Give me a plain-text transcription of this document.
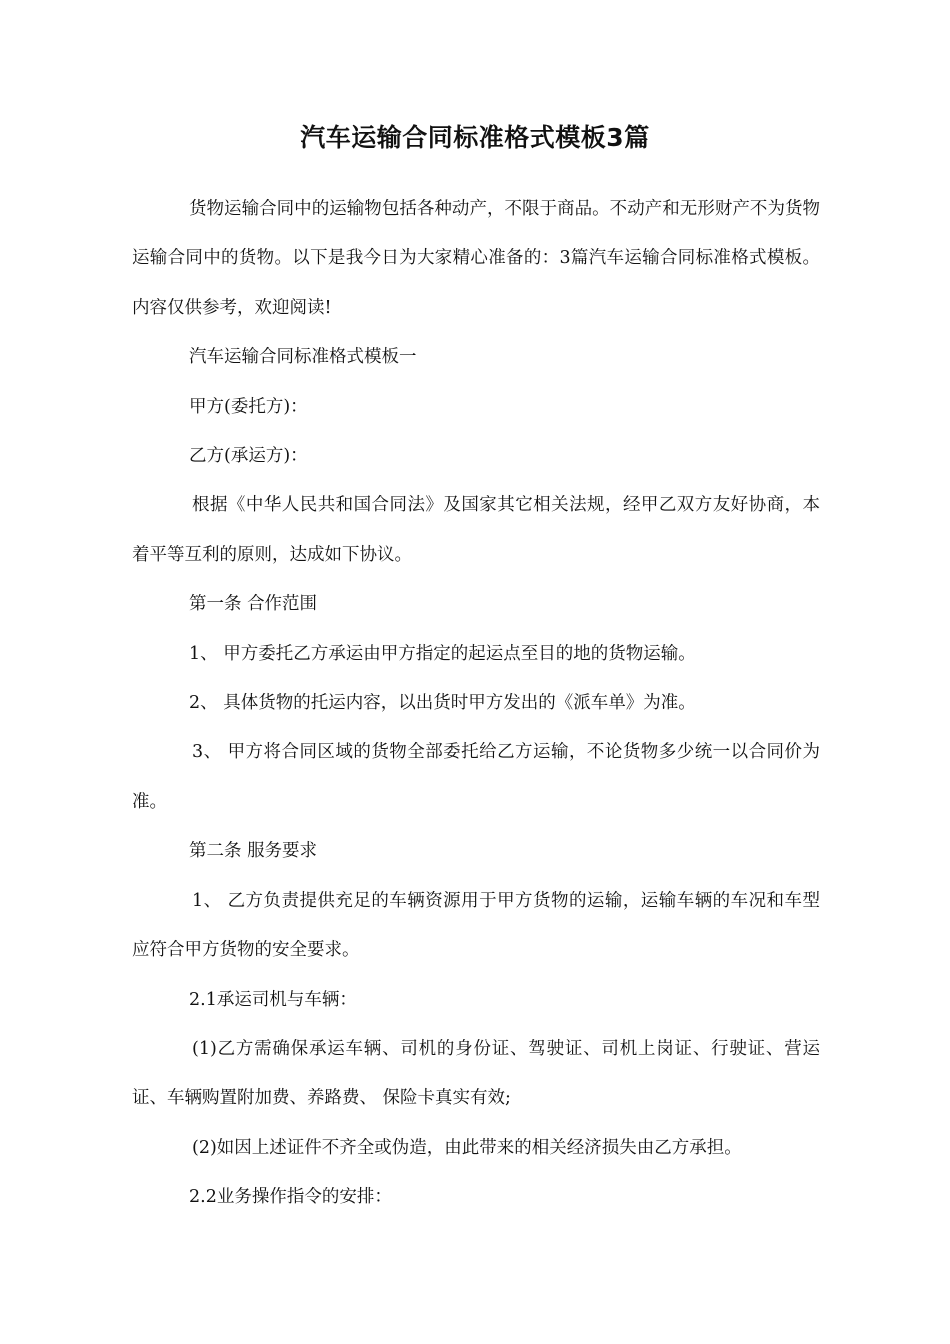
汽车运输合同标准格式模板3篇

货物运输合同中的运输物包括各种动产，不限于商品。不动产和无形财产不为货物运输合同中的货物。以下是我今日为大家精心准备的：3篇汽车运输合同标准格式模板。内容仅供参考，欢迎阅读!

汽车运输合同标准格式模板一

甲方(委托方)：

乙方(承运方)：

根据《中华人民共和国合同法》及国家其它相关法规，经甲乙双方友好协商，本着平等互利的原则，达成如下协议。

第一条 合作范围

1、 甲方委托乙方承运由甲方指定的起运点至目的地的货物运输。

2、 具体货物的托运内容，以出货时甲方发出的《派车单》为准。

3、 甲方将合同区域的货物全部委托给乙方运输，不论货物多少统一以合同价为准。

第二条 服务要求

1、 乙方负责提供充足的车辆资源用于甲方货物的运输，运输车辆的车况和车型应符合甲方货物的安全要求。

2.1承运司机与车辆：

(1)乙方需确保承运车辆、司机的身份证、驾驶证、司机上岗证、行驶证、营运证、车辆购置附加费、养路费、 保险卡真实有效;

(2)如因上述证件不齐全或伪造，由此带来的相关经济损失由乙方承担。

2.2业务操作指令的安排：
